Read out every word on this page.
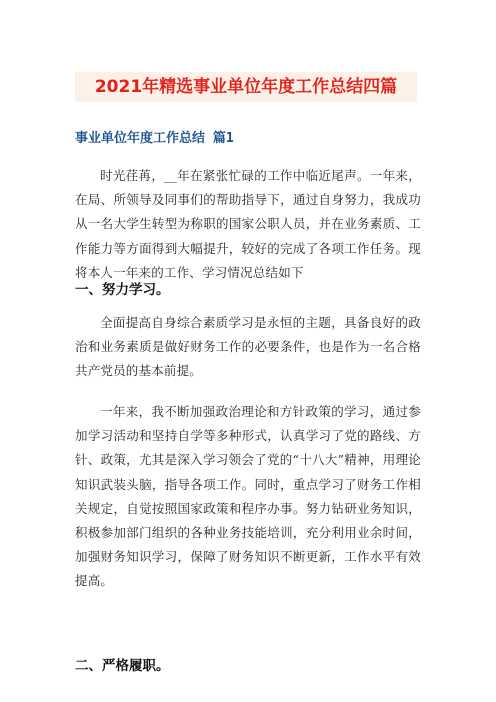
2021年精选事业单位年度工作总结四篇
事业单位年度工作总结 篇1
时光荏苒，__年在紧张忙碌的工作中临近尾声。一年来，在局、所领导及同事们的帮助指导下，通过自身努力，我成功从一名大学生转型为称职的国家公职人员，并在业务素质、工作能力等方面得到大幅提升，较好的完成了各项工作任务。现将本人一年来的工作、学习情况总结如下
一、努力学习。
全面提高自身综合素质学习是永恒的主题，具备良好的政治和业务素质是做好财务工作的必要条件，也是作为一名合格共产党员的基本前提。
一年来，我不断加强政治理论和方针政策的学习，通过参加学习活动和坚持自学等多种形式，认真学习了党的路线、方针、政策，尤其是深入学习领会了党的“十八大”精神，用理论知识武装头脑，指导各项工作。同时，重点学习了财务工作相关规定，自觉按照国家政策和程序办事。努力钻研业务知识，积极参加部门组织的各种业务技能培训，充分利用业余时间，加强财务知识学习，保障了财务知识不断更新，工作水平有效提高。
二、严格履职。
